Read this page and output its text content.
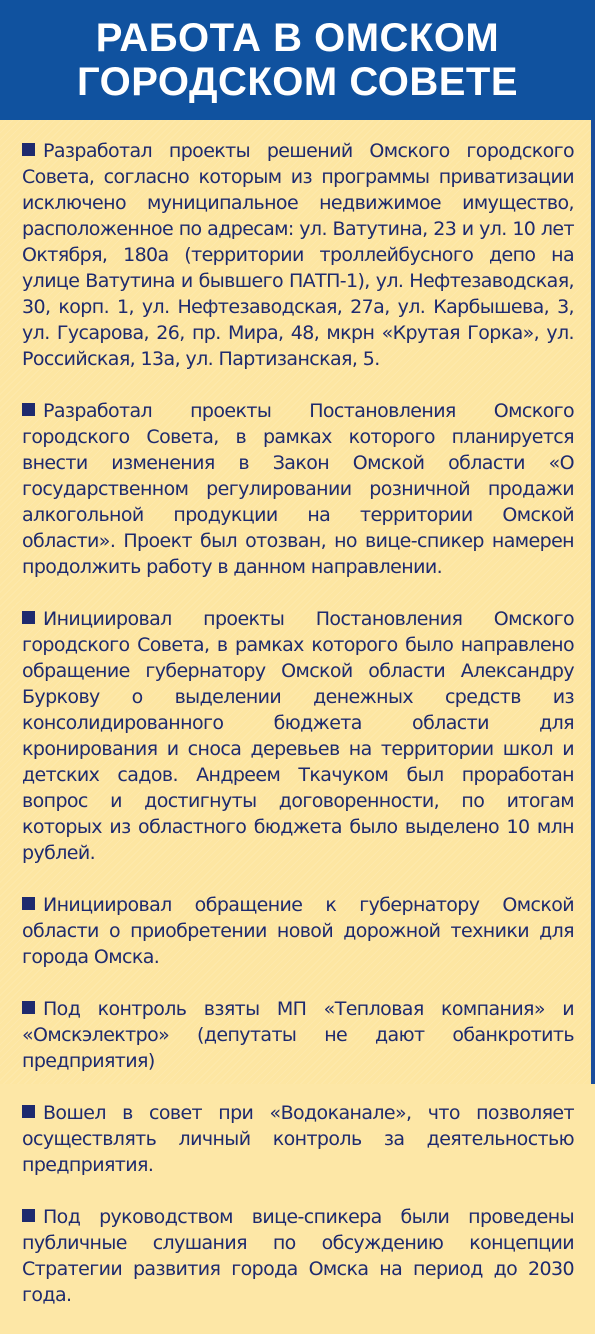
РАБОТА В ОМСКОМ
ГОРОДСКОМ СОВЕТЕ

Разработал проекты решений Омского городского Совета, согласно которым из программы приватизации исключено муниципальное недвижимое имущество, расположенное по адресам: ул. Ватутина, 23 и ул. 10 лет Октября, 180а (территории троллейбусного депо на улице Ватутина и бывшего ПАТП-1), ул. Нефтезаводская, 30, корп. 1, ул. Нефтезаводская, 27а, ул. Карбышева, 3, ул. Гусарова, 26, пр. Мира, 48, мкрн «Крутая Горка», ул. Российская, 13а, ул. Партизанская, 5.

Разработал проекты Постановления Омского городского Совета, в рамках которого планируется внести изменения в Закон Омской области «О государственном регулировании розничной продажи алкогольной продукции на территории Омской области». Проект был отозван, но вице-спикер намерен продолжить работу в данном направлении.

Инициировал проекты Постановления Омского городского Совета, в рамках которого было направлено обращение губернатору Омской области Александру Буркову о выделении денежных средств из консолидированного бюджета области для кронирования и сноса деревьев на территории школ и детских садов. Андреем Ткачуком был проработан вопрос и достигнуты договоренности, по итогам которых из областного бюджета было выделено 10 млн рублей.

Инициировал обращение к губернатору Омской области о приобретении новой дорожной техники для города Омска.

Под контроль взяты МП «Тепловая компания» и «Омскэлектро» (депутаты не дают обанкротить предприятия)

Вошел в совет при «Водоканале», что позволяет осуществлять личный контроль за деятельностью предприятия.

Под руководством вице-спикера были проведены публичные слушания по обсуждению концепции Стратегии развития города Омска на период до 2030 года.
